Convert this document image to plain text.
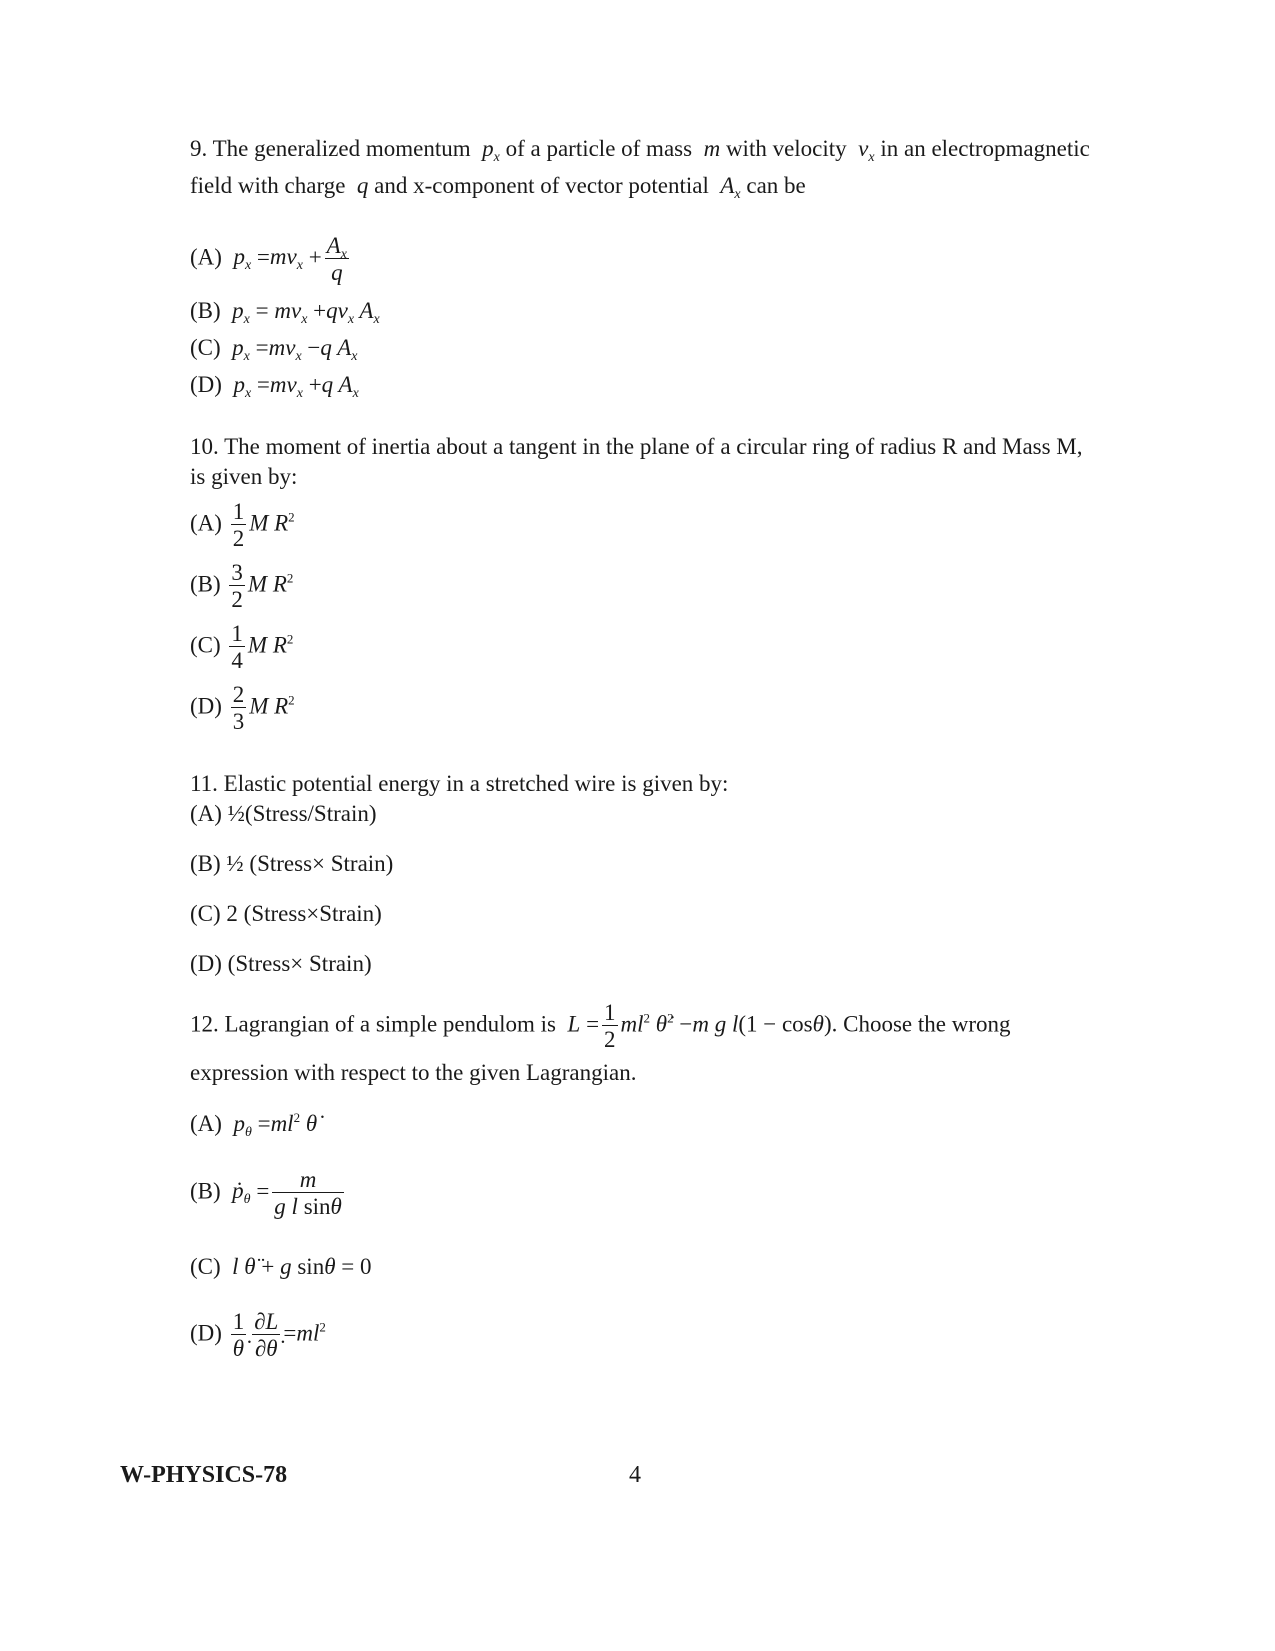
9. The generalized momentum  $p_x$ of a particle of mass  m with velocity  $v_x$ in an electropmagnetic
field with charge  q and x-component of vector potential  $A_x$ can be
(A)  $p_x =mv_x + \frac{A_x}{q}$
(B)  $p_x = mv_x +qv_x$ $A_x$
(C)  $p_x =mv_x -q$ $A_x$
(D)  $p_x =mv_x +q$ $A_x$
10. The moment of inertia about a tangent in the plane of a circular ring of radius R and Mass M,
is given by:
$(A) \frac{1}{2}$ M $R^2$
$(B) \frac{3}{2}$ M $R^2$
$(C) \frac{1}{4}$ M $R^2$
$(D) \frac{2}{3}$ M $R^2$
11. Elastic potential energy in a stretched wire is given by:
(A) ½(Stress/Strain)
(B) ½ (Stress× Strain)
(C) 2 (Stress×Strain)
(D) (Stress× Strain)
12. Lagrangian of a simple pendulom is  $L = \frac{1}{2} ml^2$ θ̇$^2$ −m g l(1 − cosθ). Choose the wrong
expression with respect to the given Lagrangian.
(A)  $p_\theta =ml^2$ θ̇
(B)  ṗ$_\theta$ = $\frac{m}{\text{g l sinθ}}$
(C)  l θ̈ + g sinθ = 0
$(D) \frac{1}{\thetȧ} \frac{\partial L}{\partial\thetȧ} =ml^2$
W-PHYSICS-78	4
